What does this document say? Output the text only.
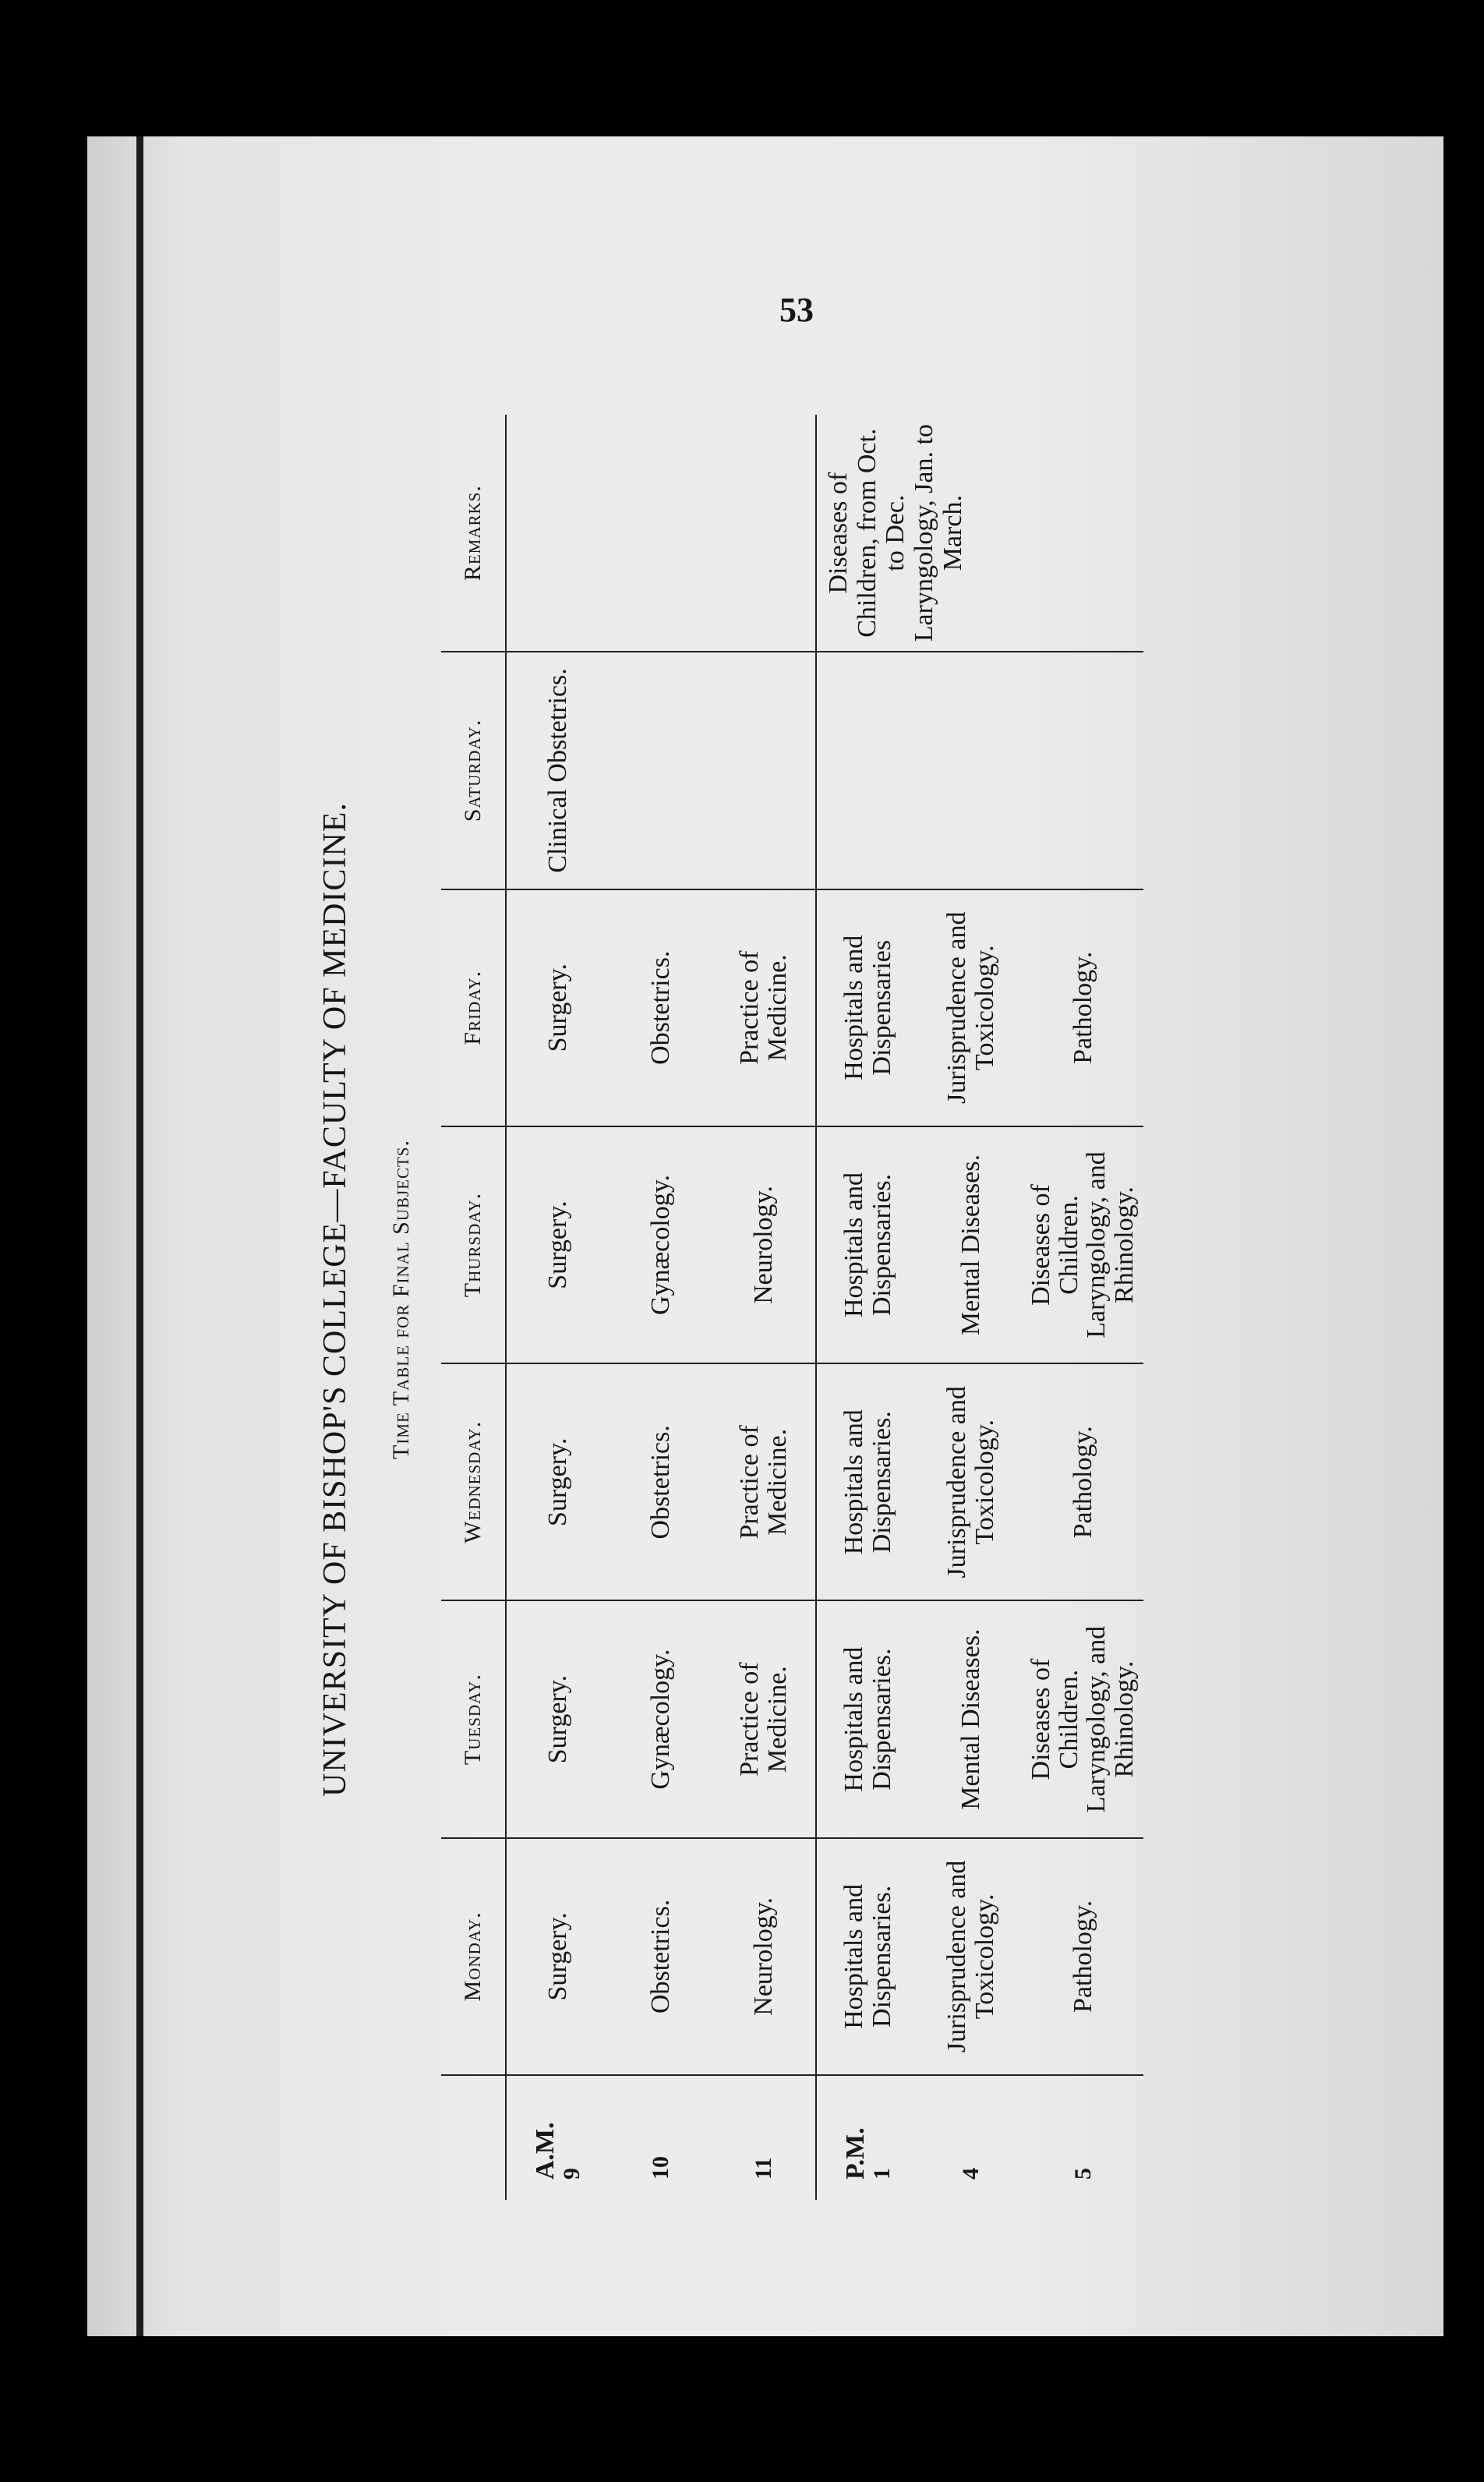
53
UNIVERSITY OF BISHOP'S COLLEGE—FACULTY OF MEDICINE. Time Table for Final Subjects.
	Monday.	Tuesday.	Wednesday.	Thursday.	Friday.	Saturday.	Remarks.
A.M.
9	Surgery.	Surgery.	Surgery.	Surgery.	Surgery.	Clinical Obstetrics.	
10	Obstetrics.	Gynæcology.	Obstetrics.	Gynæcology.	Obstetrics.		
11	Neurology.	Practice of Medicine.	Practice of Medicine.	Neurology.	Practice of Medicine.		
P.M.
1	Hospitals and Dispensaries.	Hospitals and Dispensaries.	Hospitals and Dispensaries.	Hospitals and Dispensaries.	Hospitals and Dispensaries		Diseases of Children, from Oct. to Dec. Laryngology, Jan. to March.
4	Jurisprudence and Toxicology.	Mental Diseases.	Jurisprudence and Toxicology.	Mental Diseases.	Jurisprudence and Toxicology.		
5	Pathology.	Diseases of Children. Laryngology, and Rhinology.	Pathology.	Diseases of Children. Laryngology, and Rhinology.	Pathology.		
